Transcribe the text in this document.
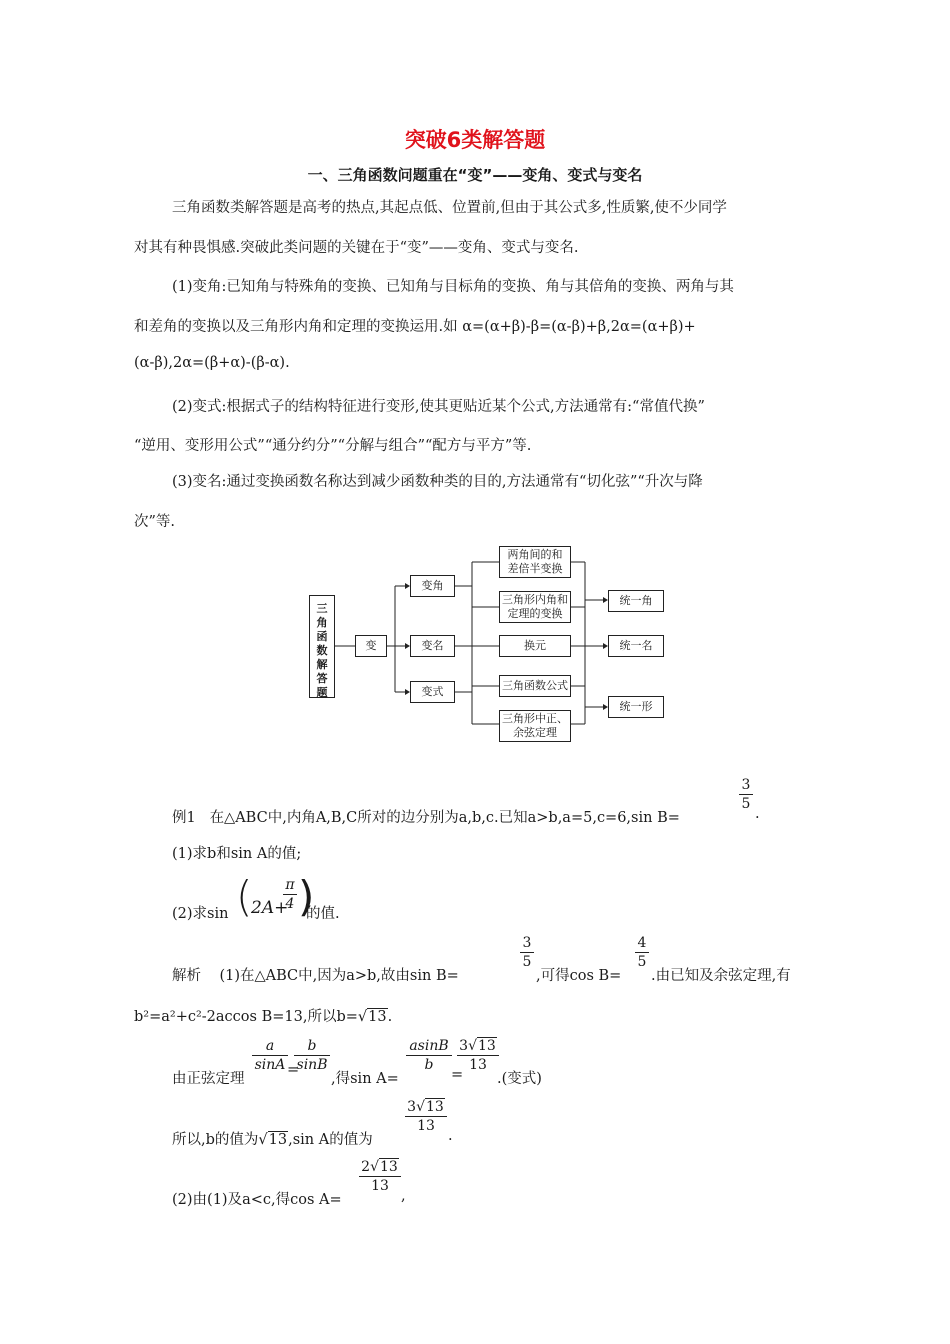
突破6类解答题
一、三角函数问题重在“变”——变角、变式与变名
三角函数类解答题是高考的热点,其起点低、位置前,但由于其公式多,性质繁,使不少同学
对其有种畏惧感.突破此类问题的关键在于“变”——变角、变式与变名.
(1)变角:已知角与特殊角的变换、已知角与目标角的变换、角与其倍角的变换、两角与其
和差角的变换以及三角形内角和定理的变换运用.如 α=(α+β)-β=(α-β)+β,2α=(α+β)+
(α-β),2α=(β+α)-(β-α).
(2)变式:根据式子的结构特征进行变形,使其更贴近某个公式,方法通常有:“常值代换”
“逆用、变形用公式”“通分约分”“分解与组合”“配方与平方”等.
(3)变名:通过变换函数名称达到减少函数种类的目的,方法通常有“切化弦”“升次与降
次”等.
三
角
函
数
解
答
题
变
变角
变名
变式
两角间的和
差倍半变换
三角形内角和
定理的变换
换元
三角函数公式
三角形中正、
余弦定理
统一角
统一名
统一形
例1 在△ABC中,内角A,B,C所对的边分别为a,b,c.已知a>b,a=5,c=6,sin B=
3
5
.
(1)求b和sin A的值;
(2)求sin (
2A+
π
4 )
的值.
解析 (1)在△ABC中,因为a>b,故由sin B=
3
5
,可得cos B=
4
5
.由已知及余弦定理,有
b²=a²+c²-2accos B=13,所以b=√13.
由正弦定理
a
sinA =
b
sinB
,得sin A=
asinB
b
=
3√13
13
.(变式)
所以,b的值为√13,sin A的值为
3√13
13
.
(2)由(1)及a<c,得cos A=
2√13
13
,
